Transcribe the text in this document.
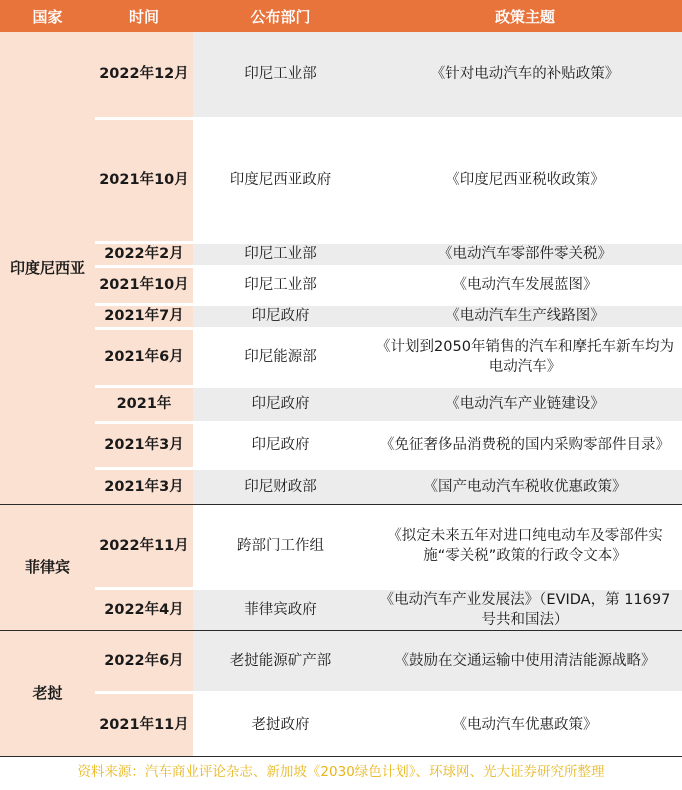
国家	时间	公布部门	政策主题
印度尼西亚	2022年12月	印尼工业部	《针对电动汽车的补贴政策》
	2021年10月	印度尼西亚政府	《印度尼西亚税收政策》
	2022年2月	印尼工业部	《电动汽车零部件零关税》
	2021年10月	印尼工业部	《电动汽车发展蓝图》
	2021年7月	印尼政府	《电动汽车生产线路图》
	2021年6月	印尼能源部	《计划到2050年销售的汽车和摩托车新车均为电动汽车》
	2021年	印尼政府	《电动汽车产业链建设》
	2021年3月	印尼政府	《免征奢侈品消费税的国内采购零部件目录》
	2021年3月	印尼财政部	《国产电动汽车税收优惠政策》
菲律宾	2022年11月	跨部门工作组	《拟定未来五年对进口纯电动车及零部件实施“零关税”政策的行政令文本》
	2022年4月	菲律宾政府	《电动汽车产业发展法》（EVIDA，第 11697 号共和国法）
老挝	2022年6月	老挝能源矿产部	《鼓励在交通运输中使用清洁能源战略》
	2021年11月	老挝政府	《电动汽车优惠政策》
资料来源：汽车商业评论杂志、新加坡《2030绿色计划》、环球网、光大证券研究所整理
